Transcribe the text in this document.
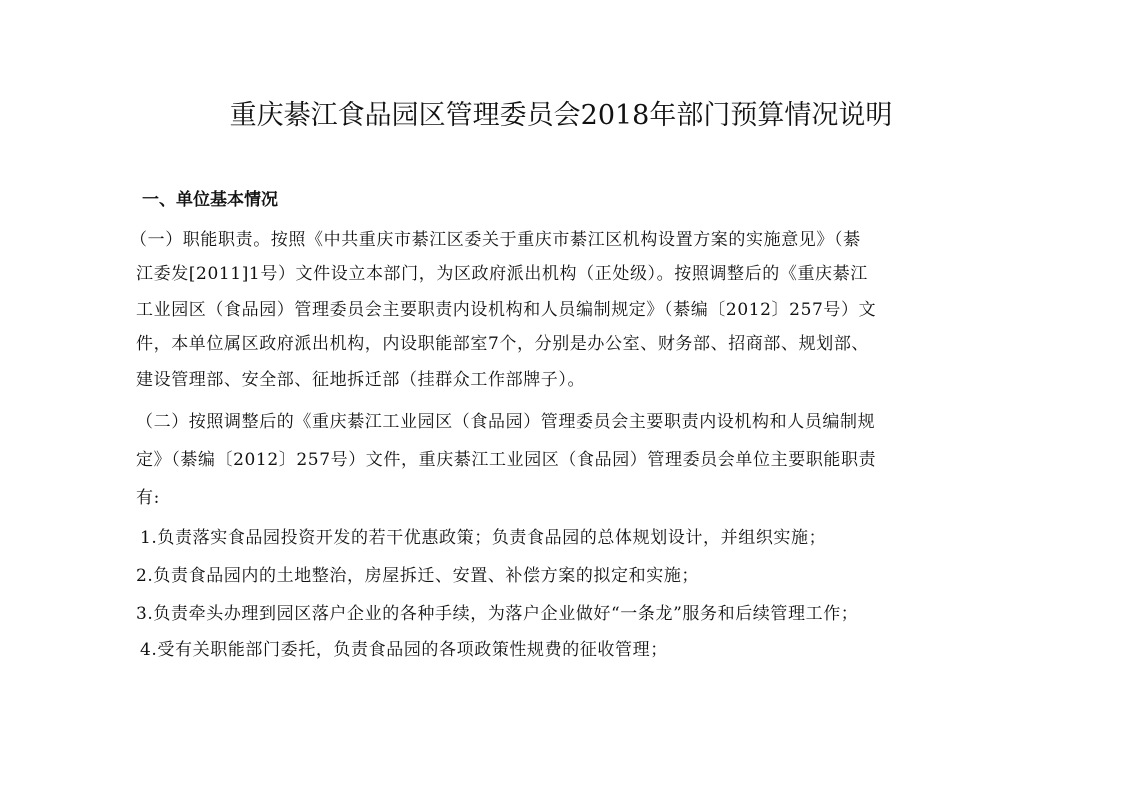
重庆綦江食品园区管理委员会2018年部门预算情况说明
一、单位基本情况
（一）职能职责。按照《中共重庆市綦江区委关于重庆市綦江区机构设置方案的实施意见》（綦
江委发[2011]1号）文件设立本部门，为区政府派出机构（正处级）。按照调整后的《重庆綦江
工业园区（食品园）管理委员会主要职责内设机构和人员编制规定》（綦编〔2012〕257号）文
件，本单位属区政府派出机构，内设职能部室7个，分别是办公室、财务部、招商部、规划部、
建设管理部、安全部、征地拆迁部（挂群众工作部牌子）。
（二）按照调整后的《重庆綦江工业园区（食品园）管理委员会主要职责内设机构和人员编制规
定》（綦编〔2012〕257号）文件，重庆綦江工业园区（食品园）管理委员会单位主要职能职责
有:
1.负责落实食品园投资开发的若干优惠政策；负责食品园的总体规划设计，并组织实施；
2.负责食品园内的土地整治，房屋拆迁、安置、补偿方案的拟定和实施；
3.负责牵头办理到园区落户企业的各种手续，为落户企业做好“一条龙”服务和后续管理工作；
4.受有关职能部门委托，负责食品园的各项政策性规费的征收管理；
